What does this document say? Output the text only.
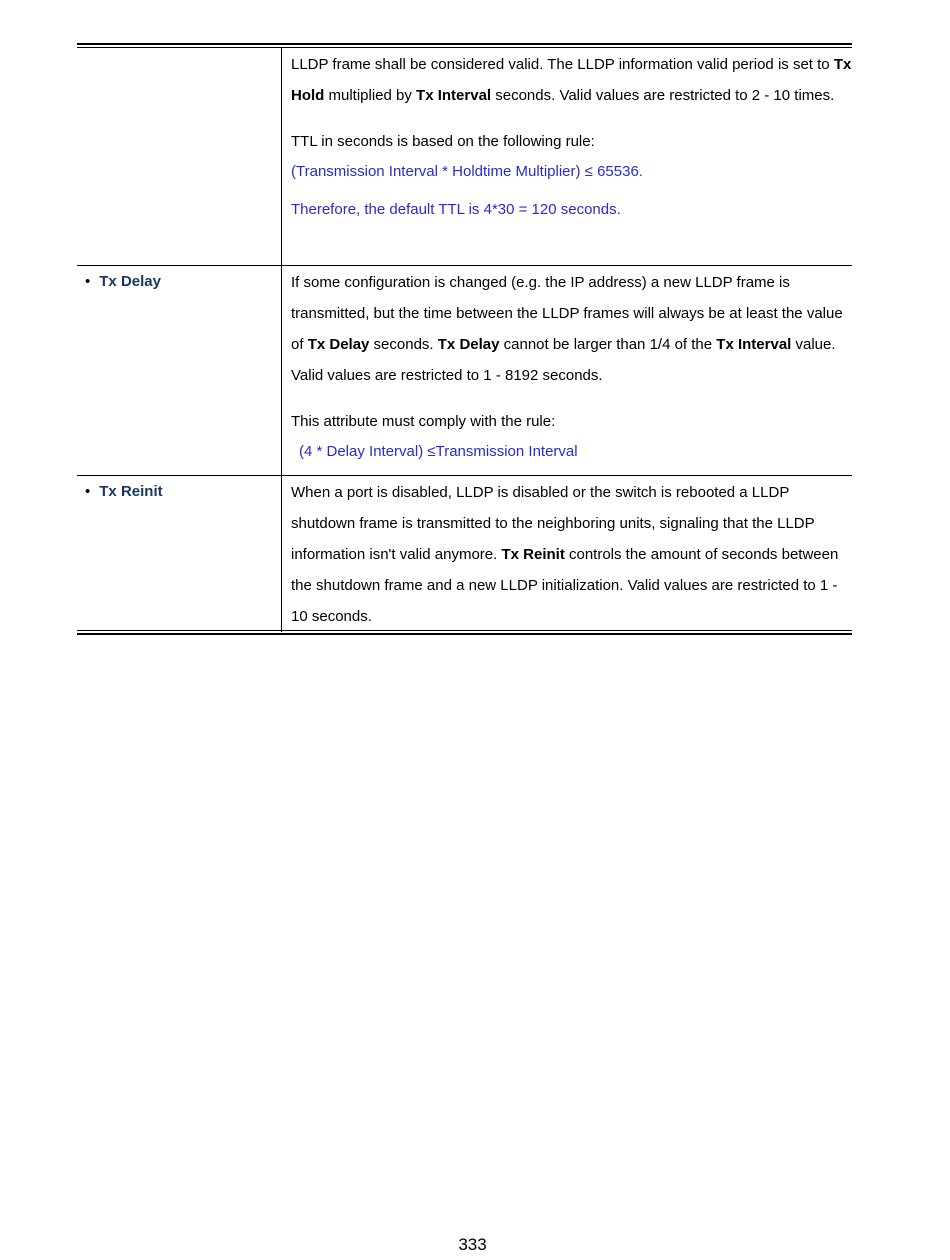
LLDP frame shall be considered valid. The LLDP information valid period is set to Tx Hold multiplied by Tx Interval seconds. Valid values are restricted to 2 - 10 times.

TTL in seconds is based on the following rule:

(Transmission Interval * Holdtime Multiplier) ≤ 65536.

Therefore, the default TTL is 4*30 = 120 seconds.

• Tx Delay	If some configuration is changed (e.g. the IP address) a new LLDP frame is transmitted, but the time between the LLDP frames will always be at least the value of Tx Delay seconds. Tx Delay cannot be larger than 1/4 of the Tx Interval value. Valid values are restricted to 1 - 8192 seconds.

This attribute must comply with the rule:

(4 * Delay Interval) ≤Transmission Interval

• Tx Reinit	When a port is disabled, LLDP is disabled or the switch is rebooted a LLDP shutdown frame is transmitted to the neighboring units, signaling that the LLDP information isn't valid anymore. Tx Reinit controls the amount of seconds between the shutdown frame and a new LLDP initialization. Valid values are restricted to 1 - 10 seconds.

333
